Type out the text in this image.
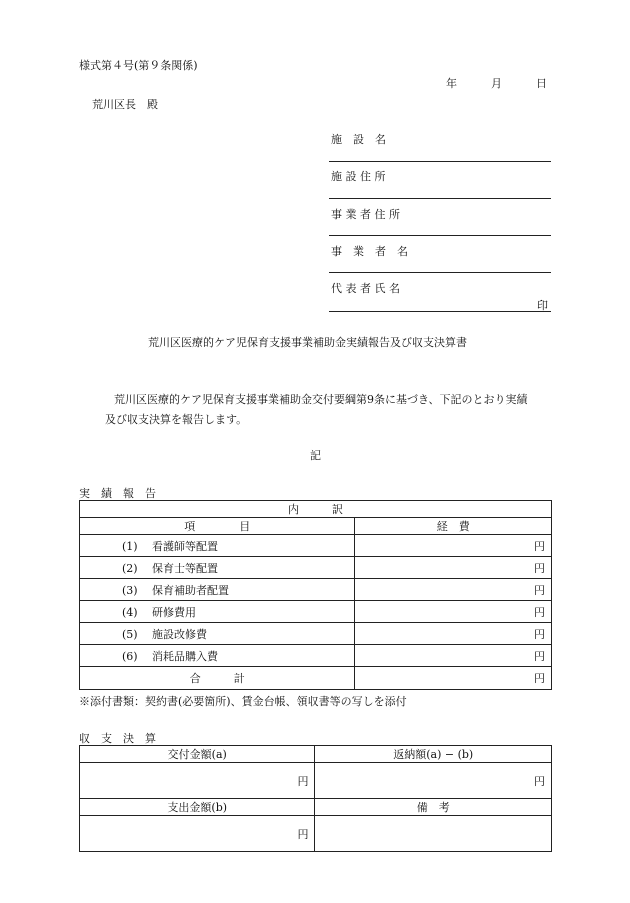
様式第４号(第９条関係)
年	月	日
荒川区長　殿
施　設　名
施 設 住 所
事 業 者 住 所
事　業　者　名
代 表 者 氏 名
印
荒川区医療的ケア児保育支援事業補助金実績報告及び収支決算書
荒川区医療的ケア児保育支援事業補助金交付要綱第9条に基づき、下記のとおり実績
及び収支決算を報告します。
記
実　績　報　告
内　　　訳	
項　　　　目	経　費
(1) 看護師等配置	円
(2) 保育士等配置	円
(3) 保育補助者配置	円
(4) 研修費用	円
(5) 施設改修費	円
(6) 消耗品購入費	円
合　　　計	円
※添付書類：契約書(必要箇所)、賃金台帳、領収書等の写しを添付
収　支　決　算
交付金額(a)	返納額(a) − (b)
円	円
支出金額(b)	備　考
円	
